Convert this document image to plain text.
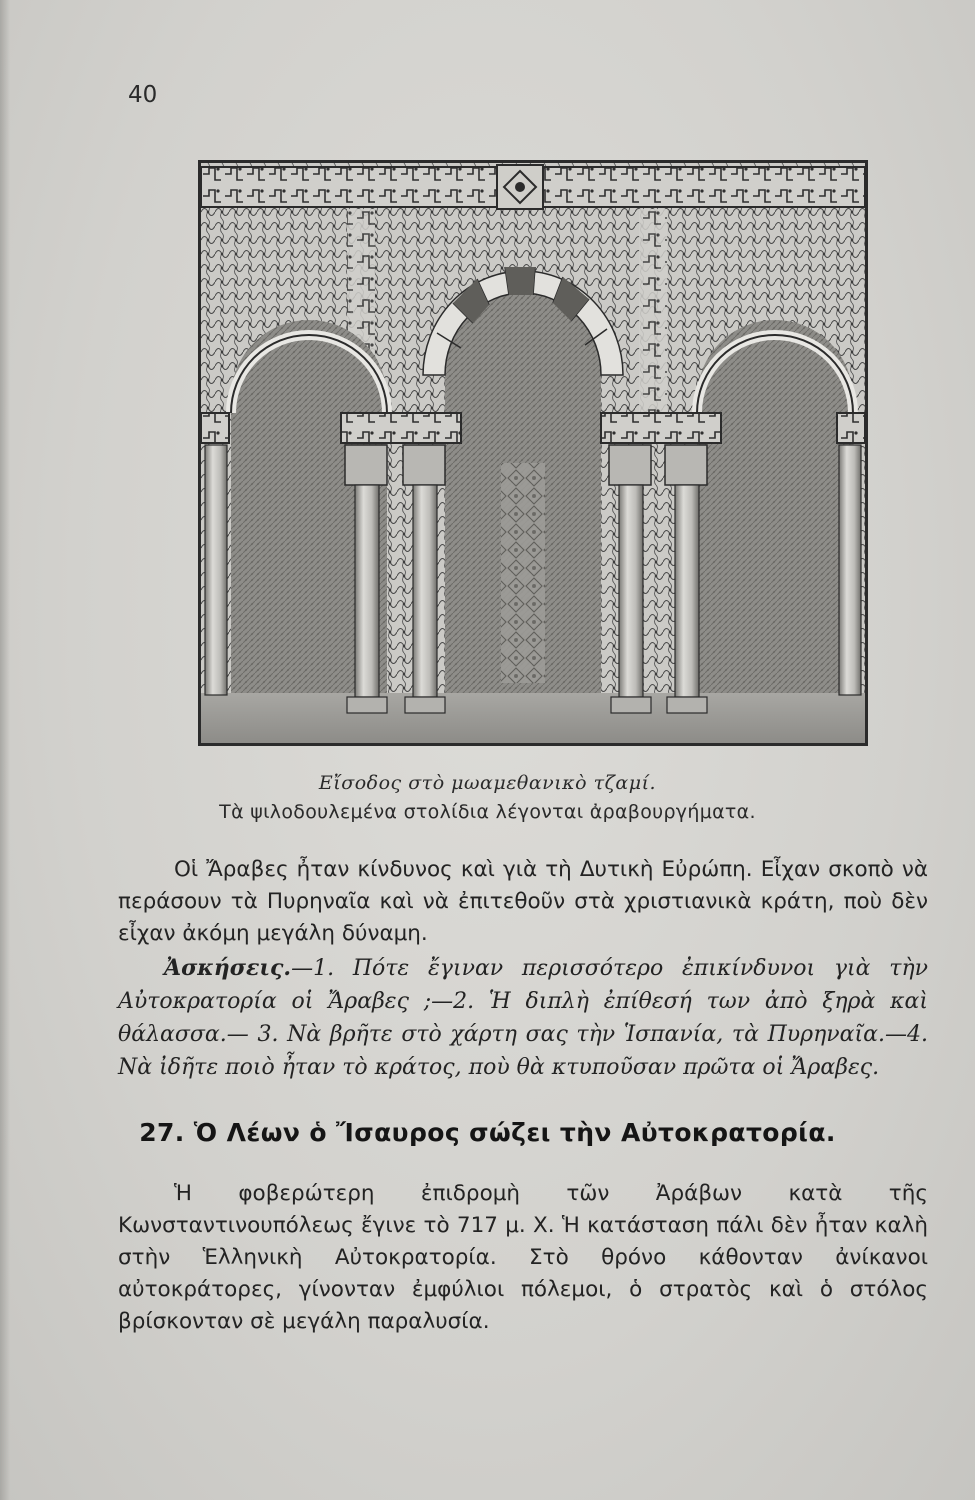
40
Εἴσοδος στὸ μωαμεθανικὸ τζαμί.
Τὰ ψιλοδουλεμένα στολίδια λέγονται ἀραβουργήματα.

Οἱ Ἄραβες ἦταν κίνδυνος καὶ γιὰ τὴ Δυτικὴ Εὐρώπη. Εἶχαν σκοπὸ νὰ περάσουν τὰ Πυρηναῖα καὶ νὰ ἐπιτεθοῦν στὰ χριστιανικὰ κράτη, ποὺ δὲν εἶχαν ἀκόμη μεγάλη δύναμη.

Ἀσκήσεις.—1. Πότε ἔγιναν περισσότερο ἐπικίνδυνοι γιὰ τὴν Αὐτοκρατορία οἱ Ἄραβες ;—2. Ἡ διπλὴ ἐπίθεσή των ἀπὸ ξηρὰ καὶ θάλασσα.— 3. Νὰ βρῆτε στὸ χάρτη σας τὴν Ἱσπανία, τὰ Πυρηναῖα.—4. Νὰ ἰδῆτε ποιὸ ἦταν τὸ κράτος, ποὺ θὰ κτυποῦσαν πρῶτα οἱ Ἄραβες.

27. Ὁ Λέων ὁ Ἴσαυρος σώζει τὴν Αὐτοκρατορία.

Ἡ φοβερώτερη ἐπιδρομὴ τῶν Ἀράβων κατὰ τῆς Κωνσταντινουπόλεως ἔγινε τὸ 717 μ. Χ. Ἡ κατάσταση πάλι δὲν ἦταν καλὴ στὴν Ἑλληνικὴ Αὐτοκρατορία. Στὸ θρόνο κάθονταν ἀνίκανοι αὐτοκράτορες, γίνονταν ἐμφύλιοι πόλεμοι, ὁ στρατὸς καὶ ὁ στόλος βρίσκονταν σὲ μεγάλη παραλυσία.
